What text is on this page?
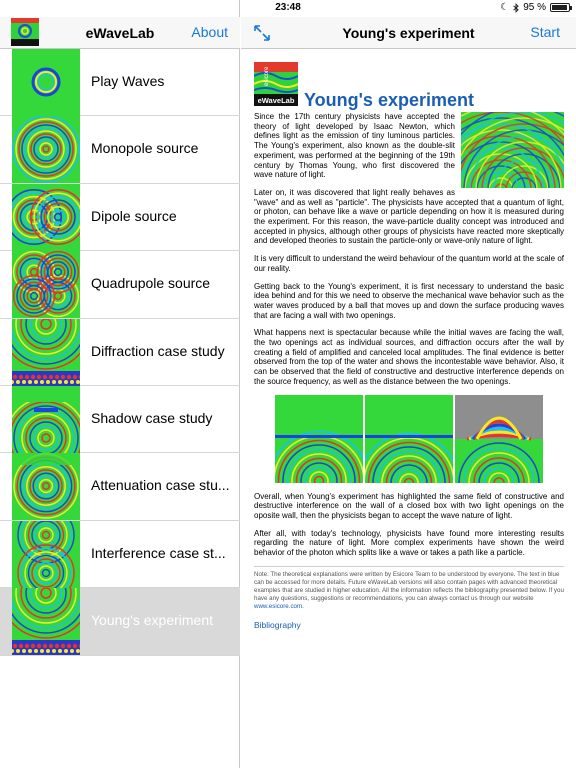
23:48	☾ 95 %
eWaveLab	About
Play Waves
Monopole source
Dipole source
Quadrupole source
Diffraction case study
Shadow case study
Attenuation case stu...
Interference case st...
Young's experiment
Young's experiment	Start
eWaveLab
esicore
Young's experiment

Since the 17th century physicists have accepted the theory of light developed by Isaac Newton, which defines light as the emission of tiny luminous particles. The Young's experiment, also known as the double-slit experiment, was performed at the beginning of the 19th century by Thomas Young, who first discovered the wave nature of light.

Later on, it was discovered that light really behaves as "wave" and as well as "particle". The physicists have accepted that a quantum of light, or photon, can behave like a wave or particle depending on how it is measured during the experiment. For this reason, the wave-particle duality concept was introduced and accepted in physics, although other groups of physicists have reacted more skeptically and developed theories to sustain the particle-only or wave-only nature of light.

It is very difficult to understand the weird behaviour of the quantum world at the scale of our reality.

Getting back to the Young's experiment, it is first necessary to understand the basic idea behind and for this we need to observe the mechanical wave behavior such as the water waves produced by a ball that moves up and down the surface producing waves that are facing a wall with two openings.

What happens next is spectacular because while the initial waves are facing the wall, the two openings act as individual sources, and diffraction occurs after the wall by creating a field of amplified and canceled local amplitudes. The final evidence is better observed from the top of the water and shows the incontestable wave behavior. Also, it can be observed that the field of constructive and destructive interference depends on the source frequency, as well as the distance between the two openings.

Overall, when Young's experiment has highlighted the same field of constructive and destructive interference on the wall of a closed box with two light openings on the oposite wall, then the physicists began to accept the wave nature of light.

After all, with today's technology, physicists have found more interesting results regarding the nature of light. More complex experiments have shown the weird behavior of the photon which splits like a wave or takes a path like a particle.

Note: The theoretical explanations were written by Esicore Team to be understood by everyone. The text in blue can be accessed for more details. Future eWaveLab versions will also contain pages with advanced theoretical examples that are studied in higher education. All the information reflects the bibliography presented below. If you have any questions, suggestions or recommendations, you can always contact us through our website www.esicore.com.
Bibliography
